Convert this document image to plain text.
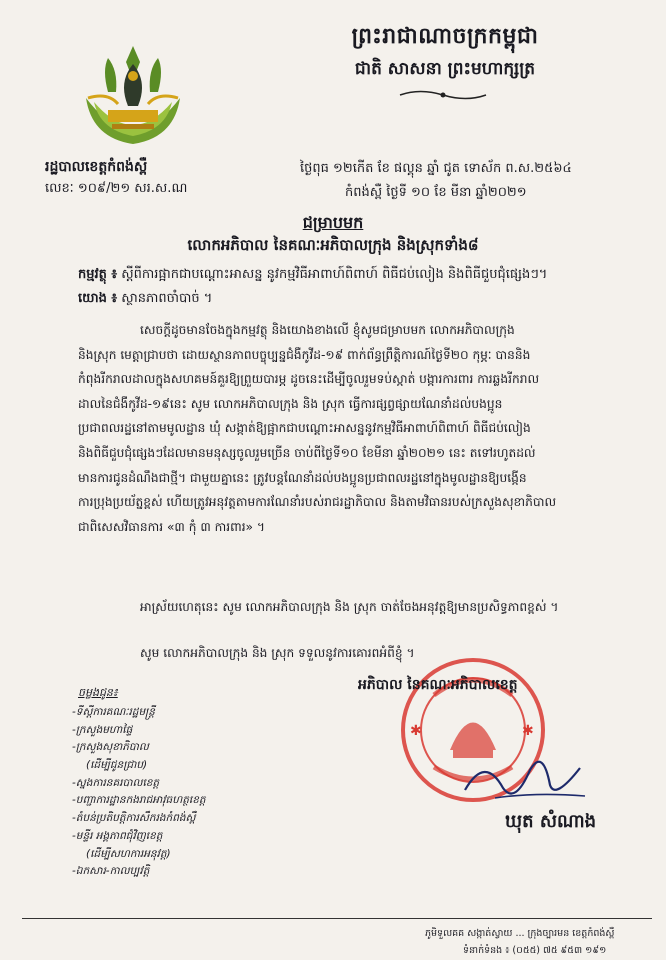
ព្រះរាជាណាចក្រកម្ពុជា
ជាតិ សាសនា ព្រះមហាក្សត្រ
រដ្ឋបាលខេត្តកំពង់ស្ពឺ
លេខៈ ១០៩/២១ សរ.ស.ណ
ថ្ងៃពុធ ១២កើត ខែ ផល្គុន ឆ្នាំ ជូត ទោស័ក ព.ស.២៥៦៤
កំពង់ស្ពឺ ថ្ងៃទី ១០ ខែ មីនា ឆ្នាំ២០២១
ជម្រាបមក
លោកអភិបាល នៃគណៈអភិបាលក្រុង និងស្រុកទាំង៨
កម្មវត្ថុ ៖ ស្តីពីការផ្អាកជាបណ្តោះអាសន្ន នូវកម្មវិធីអាពាហ៍ពិពាហ៍ ពិធីជប់លៀង និងពិធីជួបជុំផ្សេងៗ។
យោង ៖ ស្ថានភាពចាំបាច់ ។
សេចក្តីដូចមានចែងក្នុងកម្មវត្ថុ និងយោងខាងលើ ខ្ញុំសូមជម្រាបមក លោកអភិបាលក្រុង
និងស្រុក មេត្តាជ្រាបថា ដោយស្ថានភាពបច្ចុប្បន្នជំងឺកូវីដ-១៩ ពាក់ព័ន្ធព្រឹត្តិការណ៍ថ្ងៃទី២០ កុម្ភៈ បាននិង
កំពុងរីករាលដាលក្នុងសហគមន៍គួរឱ្យព្រួយបារម្ភ ដូចនេះដើម្បីចូលរួមទប់ស្កាត់ បង្ការការពារ ការឆ្លងរីករាល
ដាលនៃជំងឺកូវីដ-១៩នេះ សូម លោកអភិបាលក្រុង និង ស្រុក ធ្វើការផ្សព្វផ្សាយណែនាំដល់បងប្អូន
ប្រជាពលរដ្ឋនៅតាមមូលដ្ឋាន ឃុំ សង្កាត់ឱ្យផ្អាកជាបណ្តោះអាសន្ននូវកម្មវិធីអាពាហ៍ពិពាហ៍ ពិធីជប់លៀង
និងពិធីជួបជុំផ្សេងៗដែលមានមនុស្សចូលរួមច្រើន ចាប់ពីថ្ងៃទី១០ ខែមីនា ឆ្នាំ២០២១ នេះ តទៅរហូតដល់
មានការជូនដំណឹងជាថ្មី។ ជាមួយគ្នានេះ ត្រូវបន្តណែនាំដល់បងប្អូនប្រជាពលរដ្ឋនៅក្នុងមូលដ្ឋានឱ្យបង្កើន
ការប្រុងប្រយ័ត្នខ្ពស់ ហើយត្រូវអនុវត្តតាមការណែនាំរបស់រាជរដ្ឋាភិបាល និងតាមវិធានរបស់ក្រសួងសុខាភិបាល
ជាពិសេសវិធានការ «៣ កុំ ៣ ការពារ» ។
អាស្រ័យហេតុនេះ សូម លោកអភិបាលក្រុង និង ស្រុក ចាត់ចែងអនុវត្តឱ្យមានប្រសិទ្ធភាពខ្ពស់ ។
សូម លោកអភិបាលក្រុង និង ស្រុក ទទួលនូវការគោរពអំពីខ្ញុំ ។
✱	✱
អភិបាល នៃគណៈអភិបាលខេត្ត
ឃុត សំណាង
ចម្លងជូន៖
-ទីស្តីការគណៈរដ្ឋមន្ត្រី
-ក្រសួងមហាផ្ទៃ
-ក្រសួងសុខាភិបាល
(ដើម្បីជូនជ្រាប)
-ស្នងការនគរបាលខេត្ត
-បញ្ជាការដ្ឋានកងរាជអាវុធហត្ថខេត្ត
-តំបន់ប្រតិបត្តិការសឹករងកំពង់ស្ពឺ
-មន្ទីរ អង្គភាពជុំវិញខេត្ត
(ដើម្បីសហការអនុវត្ត)
-ឯកសារ-កាលប្បវត្តិ
ភូមិទួលគគ សង្កាត់ស្វាយ ... ក្រុងច្បារមន ខេត្តកំពង់ស្ពឺ
ទំនាក់ទំនង ៖ (០៥៥) ៧៥ ៩៥៣ ១៩១
